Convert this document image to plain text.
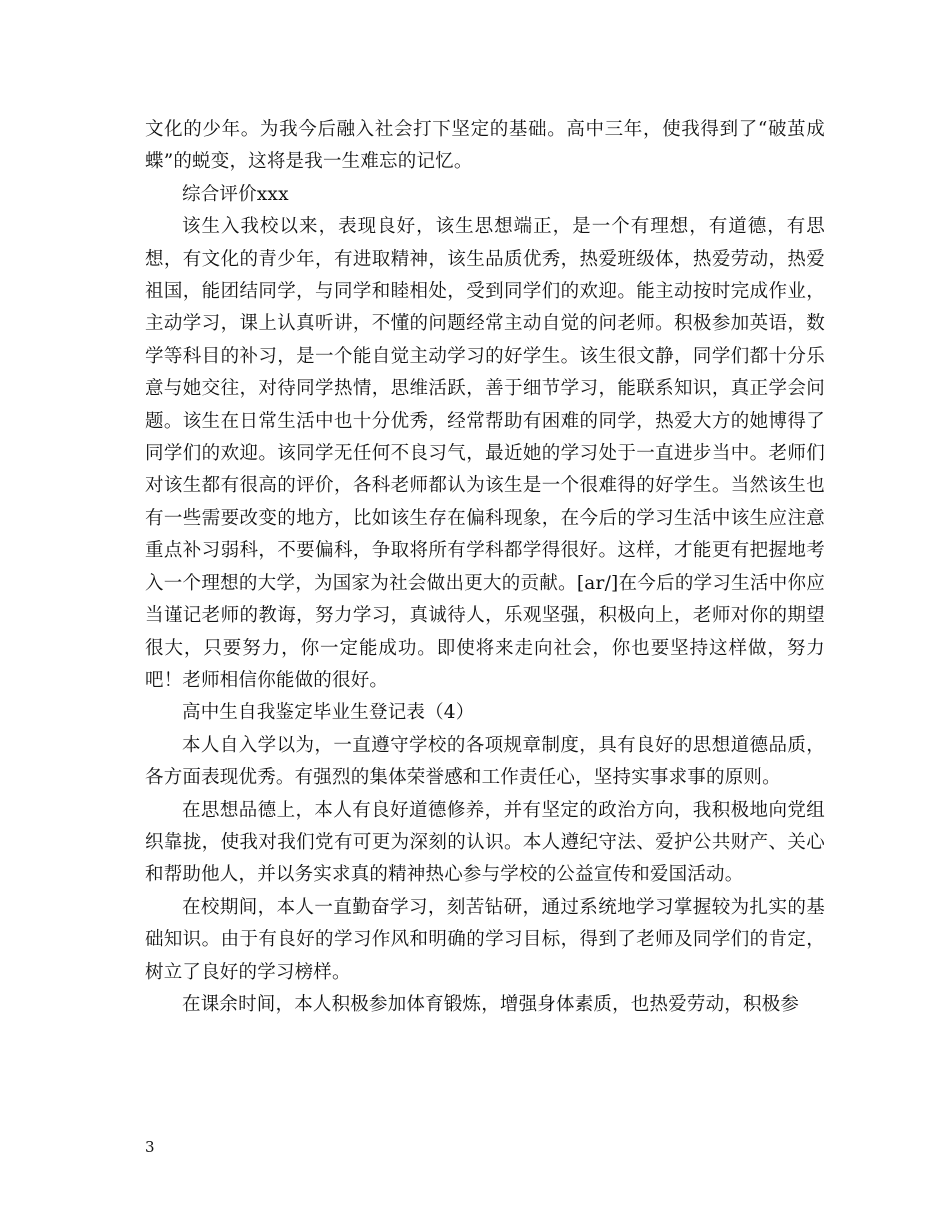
文化的少年。为我今后融入社会打下坚定的基础。高中三年，使我得到了“破茧成蝶”的蜕变，这将是我一生难忘的记忆。

综合评价xxx

该生入我校以来，表现良好，该生思想端正，是一个有理想，有道德，有思想，有文化的青少年，有进取精神，该生品质优秀，热爱班级体，热爱劳动，热爱祖国，能团结同学，与同学和睦相处，受到同学们的欢迎。能主动按时完成作业，主动学习，课上认真听讲，不懂的问题经常主动自觉的问老师。积极参加英语，数学等科目的补习，是一个能自觉主动学习的好学生。该生很文静，同学们都十分乐意与她交往，对待同学热情，思维活跃，善于细节学习，能联系知识，真正学会问题。该生在日常生活中也十分优秀，经常帮助有困难的同学，热爱大方的她博得了同学们的欢迎。该同学无任何不良习气，最近她的学习处于一直进步当中。老师们对该生都有很高的评价，各科老师都认为该生是一个很难得的好学生。当然该生也有一些需要改变的地方，比如该生存在偏科现象，在今后的学习生活中该生应注意重点补习弱科，不要偏科，争取将所有学科都学得很好。这样，才能更有把握地考入一个理想的大学，为国家为社会做出更大的贡献。[ar/]在今后的学习生活中你应当谨记老师的教诲，努力学习，真诚待人，乐观坚强，积极向上，老师对你的期望很大，只要努力，你一定能成功。即使将来走向社会，你也要坚持这样做，努力吧！老师相信你能做的很好。

高中生自我鉴定毕业生登记表（4）

本人自入学以为，一直遵守学校的各项规章制度，具有良好的思想道德品质，各方面表现优秀。有强烈的集体荣誉感和工作责任心，坚持实事求事的原则。

在思想品德上，本人有良好道德修养，并有坚定的政治方向，我积极地向党组织靠拢，使我对我们党有可更为深刻的认识。本人遵纪守法、爱护公共财产、关心和帮助他人，并以务实求真的精神热心参与学校的公益宣传和爱国活动。

在校期间，本人一直勤奋学习，刻苦钻研，通过系统地学习掌握较为扎实的基础知识。由于有良好的学习作风和明确的学习目标，得到了老师及同学们的肯定，树立了良好的学习榜样。

在课余时间，本人积极参加体育锻炼，增强身体素质，也热爱劳动，积极参

3
